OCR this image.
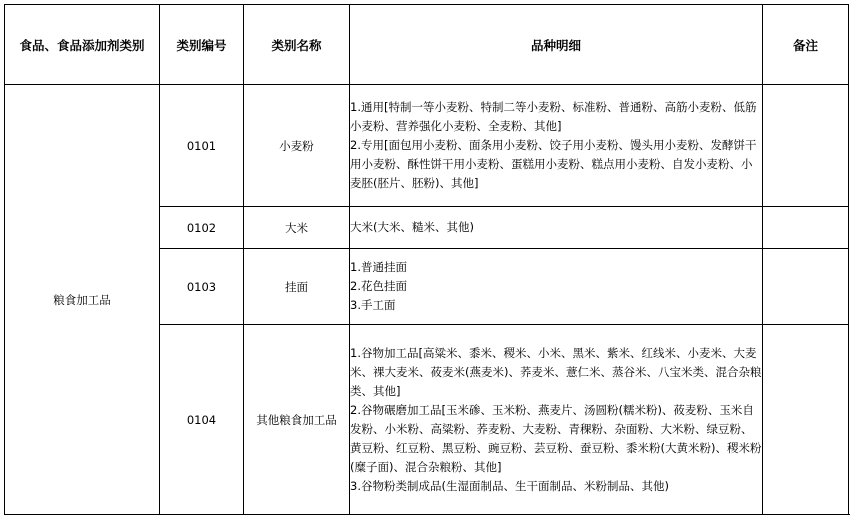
食品、食品添加剂类别	类别编号	类别名称	品种明细	备注
粮食加工品	0101	小麦粉	1.通用[特制一等小麦粉、特制二等小麦粉、标准粉、普通粉、高筋小麦粉、低筋小麦粉、营养强化小麦粉、全麦粉、其他]
2.专用[面包用小麦粉、面条用小麦粉、饺子用小麦粉、馒头用小麦粉、发酵饼干用小麦粉、酥性饼干用小麦粉、蛋糕用小麦粉、糕点用小麦粉、自发小麦粉、小麦胚(胚片、胚粉)、其他]	

	0102	大米	大米(大米、糙米、其他)	

	0103	挂面	1.普通挂面
2.花色挂面
3.手工面	

	0104	其他粮食加工品	1.谷物加工品[高粱米、黍米、稷米、小米、黑米、紫米、红线米、小麦米、大麦米、裸大麦米、莜麦米(燕麦米)、荞麦米、薏仁米、蒸谷米、八宝米类、混合杂粮类、其他]
2.谷物碾磨加工品[玉米碜、玉米粉、燕麦片、汤圆粉(糯米粉)、莜麦粉、玉米自发粉、小米粉、高粱粉、荞麦粉、大麦粉、青稞粉、杂面粉、大米粉、绿豆粉、黄豆粉、红豆粉、黑豆粉、豌豆粉、芸豆粉、蚕豆粉、黍米粉(大黄米粉)、稷米粉(糜子面)、混合杂粮粉、其他]
3.谷物粉类制成品(生湿面制品、生干面制品、米粉制品、其他)	
